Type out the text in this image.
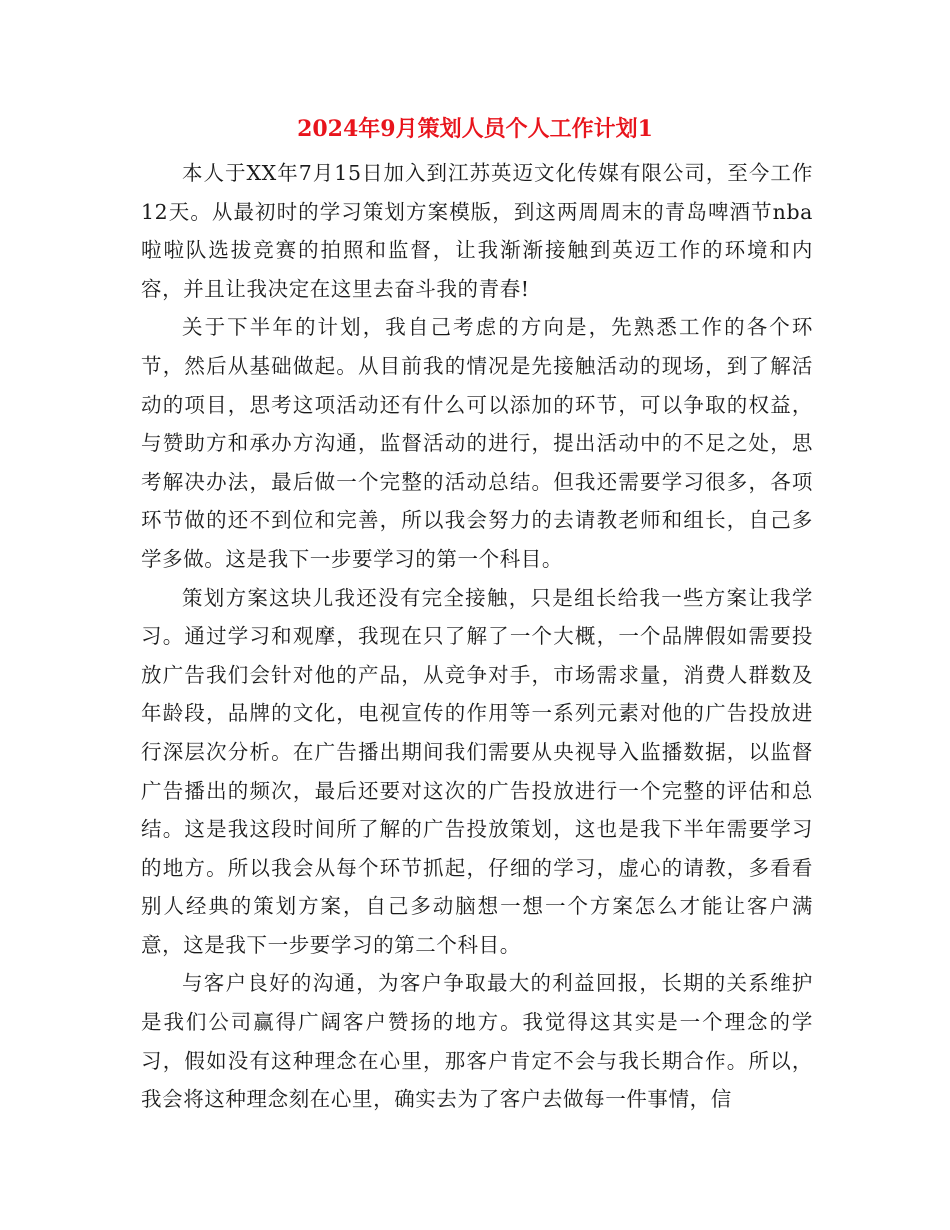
2024年9月策划人员个人工作计划1

本人于XX年7月15日加入到江苏英迈文化传媒有限公司，至今工作12天。从最初时的学习策划方案模版，到这两周周末的青岛啤酒节nba啦啦队选拔竞赛的拍照和监督，让我渐渐接触到英迈工作的环境和内容，并且让我决定在这里去奋斗我的青春!

关于下半年的计划，我自己考虑的方向是，先熟悉工作的各个环节，然后从基础做起。从目前我的情况是先接触活动的现场，到了解活动的项目，思考这项活动还有什么可以添加的环节，可以争取的权益，与赞助方和承办方沟通，监督活动的进行，提出活动中的不足之处，思考解决办法，最后做一个完整的活动总结。但我还需要学习很多，各项环节做的还不到位和完善，所以我会努力的去请教老师和组长，自己多学多做。这是我下一步要学习的第一个科目。

策划方案这块儿我还没有完全接触，只是组长给我一些方案让我学习。通过学习和观摩，我现在只了解了一个大概，一个品牌假如需要投放广告我们会针对他的产品，从竞争对手，市场需求量，消费人群数及年龄段，品牌的文化，电视宣传的作用等一系列元素对他的广告投放进行深层次分析。在广告播出期间我们需要从央视导入监播数据，以监督广告播出的频次，最后还要对这次的广告投放进行一个完整的评估和总结。这是我这段时间所了解的广告投放策划，这也是我下半年需要学习的地方。所以我会从每个环节抓起，仔细的学习，虚心的请教，多看看别人经典的策划方案，自己多动脑想一想一个方案怎么才能让客户满意，这是我下一步要学习的第二个科目。

与客户良好的沟通，为客户争取最大的利益回报，长期的关系维护是我们公司赢得广阔客户赞扬的地方。我觉得这其实是一个理念的学习，假如没有这种理念在心里，那客户肯定不会与我长期合作。所以，我会将这种理念刻在心里，确实去为了客户去做每一件事情，信
